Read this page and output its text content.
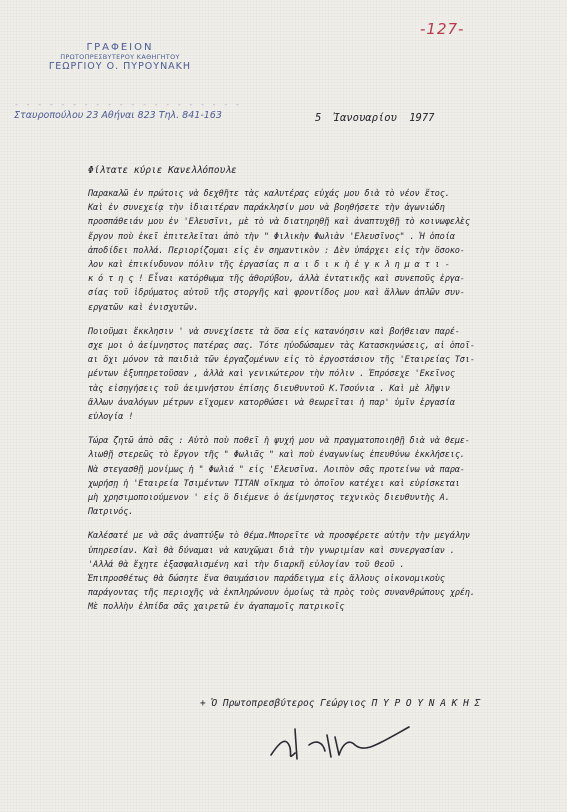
-127-
ΓΡΑΦΕΙΟΝ
ΠΡΩΤΟΠΡΕΣΒΥΤΕΡΟΥ ΚΑΘΗΓΗΤΟΥ
ΓΕΩΡΓΙΟΥ Ο. ΠΥΡΟΥΝΑΚΗ
- - - - - - - - - - - - - - - - - - - -
Σταυροπούλου 23 Αθήναι 823 Τηλ. 841-163	5 Ἰανουαρίου 1977
Φίλτατε κύριε Κανελλόπουλε

Παρακαλῶ ἐν πρώτοις νὰ δεχθῆτε τὰς καλυτέρας εὐχάς μου διὰ τὸ νέον ἔτος.
Καὶ ἐν συνεχείᾳ τὴν ἰδιαιτέραν παράκλησίν μου νὰ βοηθήσετε τὴν ἀγωνιώδη
προσπάθειάν μου ἐν 'Ελευσῖνι, μὲ τὸ νὰ διατηρηθῇ καὶ ἀναπτυχθῇ τὸ κοινωφελὲς
ἔργον ποὺ ἐκεῖ ἐπιτελεῖται ἀπὸ τὴν " Φιλικὴν Φωλιὰν 'Ελευσῖνος" . Ἡ ὁποία
ἀποδίδει πολλά. Περιορίζομαι εἰς ἐν σημαντικὸν : Δὲν ὑπάρχει εἰς τὴν ὅσοκο-
λον καὶ ἐπικίνδυνον πόλιν τῆς ἐργασίας π α ι δ ι κ ὴ ἐ γ κ λ η μ α τ ι -
κ ό τ η ς ! Εἶναι κατόρθωμα τῆς ἀθορύβου, ἀλλὰ ἐντατικῆς καὶ συνεποῦς ἐργα-
σίας τοῦ ἱδρύματος αὐτοῦ τῆς στοργῆς καὶ φροντίδος μου καὶ ἄλλων ἀπλῶν συν-
εργατῶν καὶ ἐνισχυτῶν.

Ποιοῦμαι ἔκκλησιν ' νὰ συνεχίσετε τὰ ὅσα εἰς κατανόησιν καὶ βοήθειαν παρέ-
σχε μοι ὁ ἀείμνηστος πατέρας σας. Τότε ηὐοδώσαμεν τὰς Κατασκηνώσεις, αἱ ὁποῖ-
αι ὄχι μόνον τὰ παιδιὰ τῶν ἐργαζομένων εἰς τὸ ἐργοστάσιον τῆς 'Εταιρείας Τσι-
μέντων ἐξυπηρετοῦσαν , ἀλλὰ καὶ γενικώτερον τὴν πόλιν . Ἐπρόσεχε 'Εκεῖνος
τὰς εἰσηγήσεις τοῦ ἀειμνήστου ἐπίσης διευθυντοῦ Κ.Τσούνια . Καὶ μὲ λῆψιν
ἄλλων ἀναλόγων μέτρων εἴχομεν κατορθώσει νὰ θεωρεῖται ἡ παρ' ὑμῖν ἐργασία
εὐλογία !

Τώρα ζητῶ ἀπὸ σᾶς : Αὐτὸ ποὺ ποθεῖ ἡ ψυχή μου νὰ πραγματοποιηθῇ διὰ νὰ θεμε-
λιωθῇ στερεῶς τὸ ἔργον τῆς " Φωλιᾶς " καὶ ποὺ ἐναγωνίως ἐπευθύνω ἐκκλήσεις.
Νὰ στεγασθῇ μονίμως ἡ " Φωλιά " εἰς 'Ελευσῖνα. Λοιπὸν σᾶς προτείνω νὰ παρα-
χωρήσῃ ἡ 'Εταιρεία Τσιμέντων ΤΙΤΑΝ οἴκημα τὸ ὁποῖον κατέχει καὶ εὑρίσκεται
μὴ χρησιμοποιούμενον ' εἰς ὃ διέμενε ὁ ἀείμνηστος τεχνικὸς διευθυντὴς Α.
Πατρινός.

Καλέσατέ με νὰ σᾶς ἀναπτύξω τὸ θέμα.Μπορεῖτε νὰ προσφέρετε αὐτὴν τὴν μεγάλην
ὑπηρεσίαν. Καὶ θὰ δύναμαι νὰ καυχῶμαι διὰ τὴν γνωριμίαν καὶ συνεργασίαν .
'Αλλά θὰ ἔχητε ἐξασφαλισμένη καὶ τὴν διαρκῆ εὐλογίαν τοῦ Θεοῦ .
Ἐπιπροσθέτως θὰ δώσητε ἕνα θαυμάσιον παράδειγμα εἰς ἄλλους οἰκονομικοὺς
παράγοντας τῆς περιοχῆς νὰ ἐκπληρώνουν ὁμοίως τὰ πρὸς τοὺς συνανθρώπους χρέη.
Μὲ πολλὴν ἐλπίδα σᾶς χαιρετῶ ἐν ἀγαπαμοῖς πατρικοῖς

+ Ὁ Πρωτοπρεσβύτερος Γεώργιος Π Υ Ρ Ο Υ Ν Α Κ Η Σ
